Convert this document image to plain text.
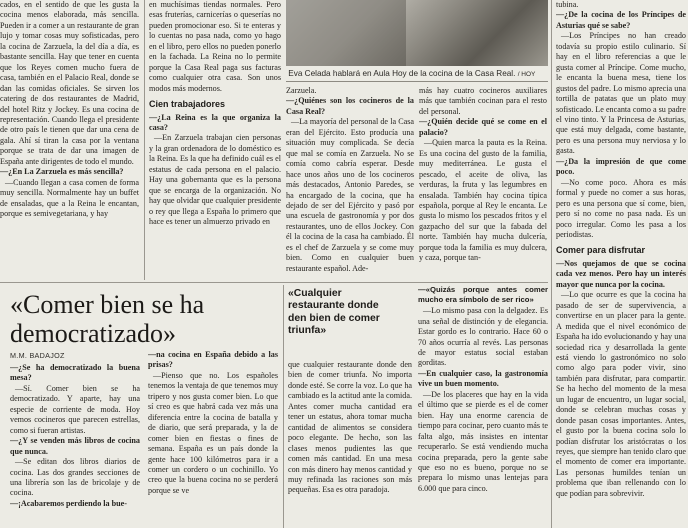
Eva Celada hablará en Aula Hoy de la cocina de la Casa Real. / HOY

cados, en el sentido de que les gusta la cocina menos elaborada, más sencilla. Pueden ir a comer a un restaurante de gran lujo y tomar cosas muy sofisticadas, pero la cocina de Zarzuela, la del día a día, es bastante sencilla. Hay que tener en cuenta que los Reyes comen mucho fuera de casa, también en el Palacio Real, donde se dan las comidas oficiales. Se sirven los catering de dos restaurantes de Madrid, del hotel Ritz y Jockey. Es una cocina de representación. Cuando llega el presidente de otro país le tienen que dar una cena de gala. Ahí sí tiran la casa por la ventana porque se trata de dar una imagen de España ante dirigentes de todo el mundo.

— ¿En La Zarzuela es más sencilla?

— Cuando llegan a casa comen de forma muy sencilla. Normalmente hay un buffet de ensaladas, que a la Reina le encantan, porque es semivegetariana, y hay

en muchísimas tiendas normales. Pero esas fruterías, carnicerías o queserías no pueden promocionar eso. Si te enteras y lo cuentas no pasa nada, como yo hago en el libro, pero ellos no pueden ponerlo en la fachada. La Reina no lo permite porque la Casa Real paga sus facturas como cualquier otra casa. Son unos modos más modernos.

Cien trabajadores

— ¿La Reina es la que organiza la casa?

— En Zarzuela trabajan cien personas y la gran ordenadora de lo doméstico es la Reina. Es la que ha definido cuál es el estatus de cada persona en el palacio. Hay una gobernanta que es la persona que se encarga de la organización. No hay que olvidar que cualquier presidente o rey que llega a España lo primero que hace es tener un almuerzo privado en

Zarzuela.

— ¿Quiénes son los cocineros de la Casa Real?

— La mayoría del personal de la Casa eran del Ejército. Esto producía una situación muy complicada. Se decía que mal se comía en Zarzuela. No se comía como cabría esperar. Desde hace unos años uno de los cocineros más destacados, Antonio Paredes, se ha encargado de la cocina, que ha dejado de ser del Ejército y pasó por una escuela de gastronomía y por dos restaurantes, uno de ellos Jockey. Con él la cocina de la casa ha cambiado. Él es el chef de Zarzuela y se come muy bien. Como en cualquier buen restaurante español. Ade-

más hay cuatro cocineros auxiliares más que también cocinan para el resto del personal.

— ¿Quién decide qué se come en el palacio?

— Quien marca la pauta es la Reina. Es una cocina del gusto de la familia, muy mediterránea. Le gusta el pescado, el aceite de oliva, las verduras, la fruta y las legumbres en ensalada. También hay cocina típica española, porque al Rey le encanta. Le gusta lo mismo los pescados fritos y el gazpacho del sur que la fabada del norte. También hay mucha dulcería, porque toda la familia es muy dulcera, y caza, porque tan-

tubina.

— ¿De la cocina de los Príncipes de Asturias qué se sabe?

— Los Príncipes no han creado todavía su propio estilo culinario. Sí hay en el libro referencias a que le gusta comer al Príncipe. Come mucho, le encanta la buena mesa, tiene los gustos del padre. Lo mismo aprecia una tortilla de patatas que un plato muy sofisticado. Le encanta como a su padre el vino tinto. Y la Princesa de Asturias, que está muy delgada, come bastante, pero es una persona muy nerviosa y lo gasta.

— ¿Da la impresión de que come poco.

— No come poco. Ahora es más formal y puede no comer a sus horas, pero es una persona que sí come, bien, pero sí no come no pasa nada. Es un poco irregular. Como les pasa a los periodistas.

Comer para disfrutar

— Nos quejamos de que se cocina cada vez menos. Pero hay un interés mayor que nunca por la cocina.

— Lo que ocurre es que la cocina ha pasado de ser de supervivencia, a convertirse en un placer para la gente. A medida que el nivel económico de España ha ido evolucionando y hay una sociedad rica y desarrollada la gente está viendo lo gastronómico no solo como algo para poder vivir, sino también para disfrutar, para compartir. Se ha hecho del momento de la mesa un lugar de encuentro, un lugar social, donde se celebran muchas cosas y donde pasan cosas importantes. Antes, el gusto por la buena cocina solo lo podían disfrutar los aristócratas o los reyes, que siempre han tenido claro que el momento de comer era importante. Las personas humildes tenían un problema que iban rellenando con lo que podían para sobrevivir.

«Comer bien se ha democratizado»
M.M. BADAJOZ
«Cualquier restaurante donde den bien de comer triunfa»

— ¿Se ha democratizado la buena mesa?

— Sí. Comer bien se ha democratizado. Y aparte, hay una especie de corriente de moda. Hoy vemos cocineros que parecen estrellas, como si fueran artistas.

— ¿Y se venden más libros de cocina que nunca.

— Se editan dos libros diarios de cocina. Las dos grandes secciones de una librería son las de bricolaje y de cocina.

— ¡Acabaremos perdiendo la bue-

— na cocina en España debido a las prisas?

— Pienso que no. Los españoles tenemos la ventaja de que tenemos muy tripero y nos gusta comer bien. Lo que sí creo es que habrá cada vez más una diferencia entre la cocina de batalla y de diario, que será preparada, y la de comer bien en fiestas o fines de semana. España es un país donde la gente hace 100 kilómetros para ir a comer un cordero o un cochinillo. Yo creo que la buena cocina no se perderá porque se ve

que cualquier restaurante donde den bien de comer triunfa. No importa donde esté. Se corre la voz. Lo que ha cambiado es la actitud ante la comida. Antes comer mucha cantidad era tener un estatus, ahora tomar mucha cantidad de alimentos se considera poco elegante. De hecho, son las clases menos pudientes las que comen más cantidad. En una mesa con más dinero hay menos cantidad y muy refinada las raciones son más pequeñas. Esa es otra paradoja.

— «Quizás porque antes comer mucho era símbolo de ser rico»

— Lo mismo pasa con la delgadez. Es una señal de distinción y de elegancia. Estar gordo es lo contrario. Hace 60 o 70 años ocurría al revés. Las personas de mayor estatus social estaban gorditas.

— En cualquier caso, la gastronomía vive un buen momento.

— De los placeres que hay en la vida el último que se pierde es el de comer bien. Hay una enorme carencia de tiempo para cocinar, pero cuanto más te falta algo, más insistes en intentar recuperarlo. Se está vendiendo mucha cocina preparada, pero la gente sabe que eso no es bueno, porque no se prepara lo mismo unas lentejas para 6.000 que para cinco.
